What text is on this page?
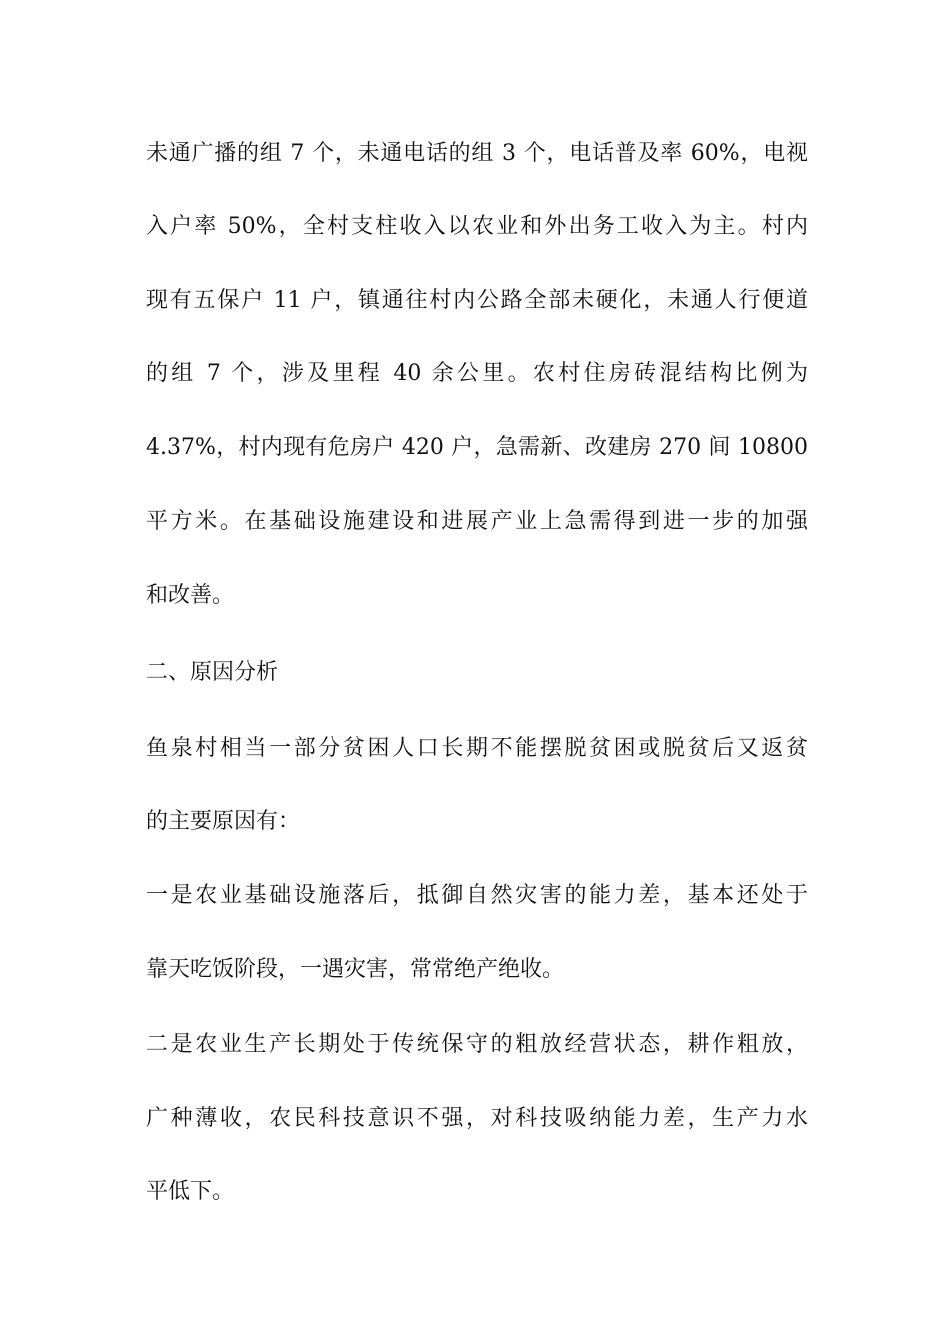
未通广播的组 7 个，未通电话的组 3 个，电话普及率 60%，电视
入户率 50%，全村支柱收入以农业和外出务工收入为主。村内
现有五保户 11 户，镇通往村内公路全部未硬化，未通人行便道
的组 7 个，涉及里程 40 余公里。农村住房砖混结构比例为
4.37%，村内现有危房户 420 户，急需新、改建房 270 间 10800
平方米。在基础设施建设和进展产业上急需得到进一步的加强
和改善。
二、原因分析
鱼泉村相当一部分贫困人口长期不能摆脱贫困或脱贫后又返贫
的主要原因有：
一是农业基础设施落后，抵御自然灾害的能力差，基本还处于
靠天吃饭阶段，一遇灾害，常常绝产绝收。
二是农业生产长期处于传统保守的粗放经营状态，耕作粗放，
广种薄收，农民科技意识不强，对科技吸纳能力差，生产力水
平低下。
